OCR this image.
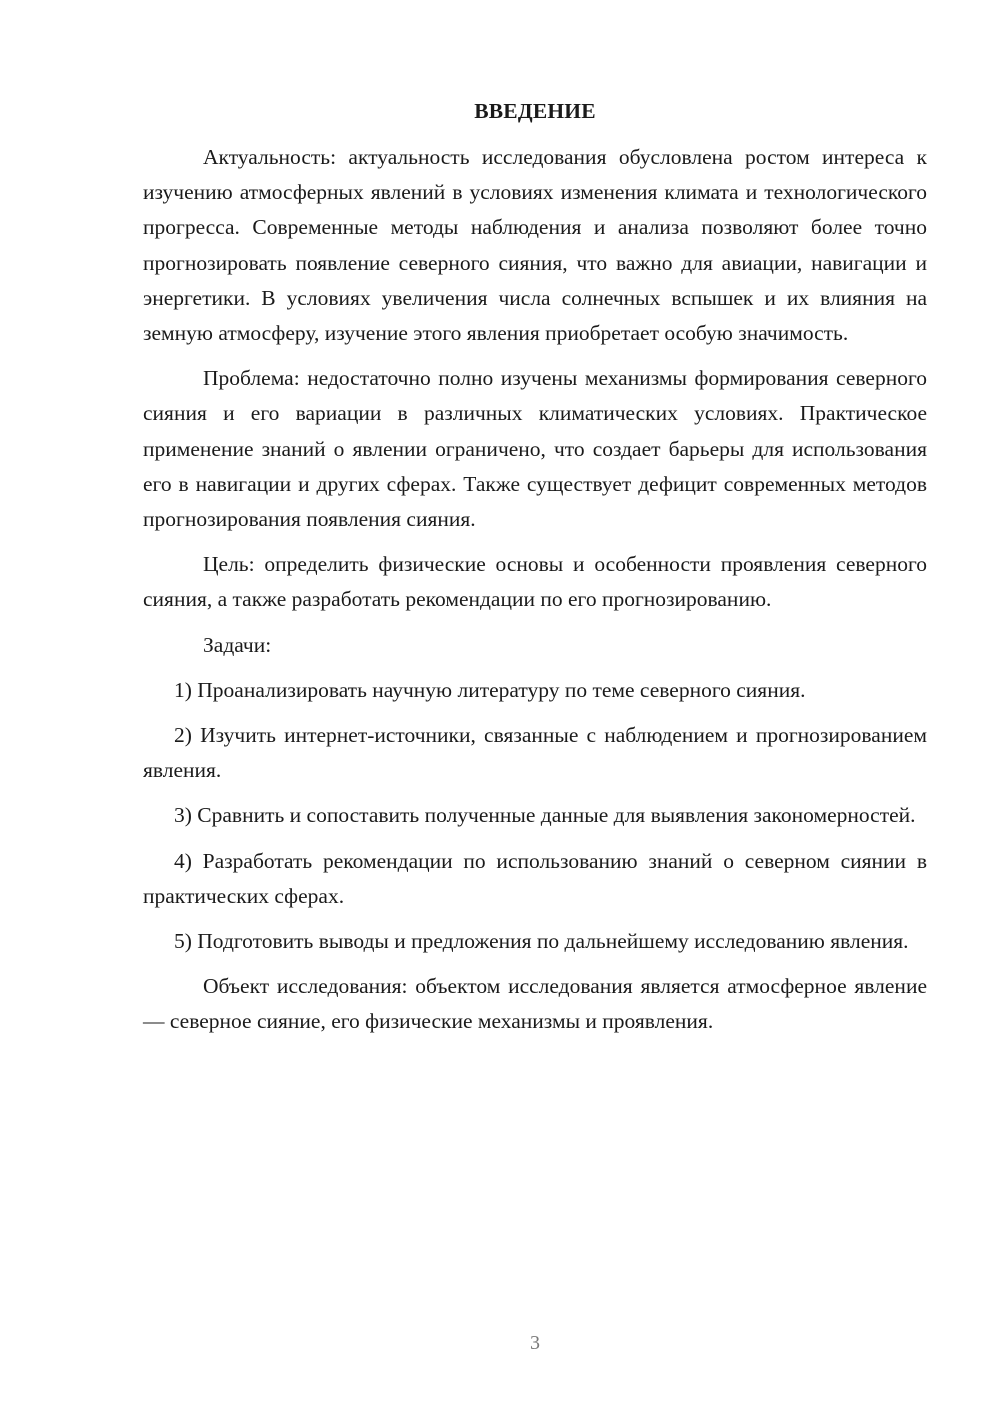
ВВЕДЕНИЕ

Актуальность: актуальность исследования обусловлена ростом интереса к изучению атмосферных явлений в условиях изменения климата и технологического прогресса. Современные методы наблюдения и анализа позволяют более точно прогнозировать появление северного сияния, что важно для авиации, навигации и энергетики. В условиях увеличения числа солнечных вспышек и их влияния на земную атмосферу, изучение этого явления приобретает особую значимость.

Проблема: недостаточно полно изучены механизмы формирования северного сияния и его вариации в различных климатических условиях. Практическое применение знаний о явлении ограничено, что создает барьеры для использования его в навигации и других сферах. Также существует дефицит современных методов прогнозирования появления сияния.

Цель: определить физические основы и особенности проявления северного сияния, а также разработать рекомендации по его прогнозированию.

Задачи:

1) Проанализировать научную литературу по теме северного сияния.

2) Изучить интернет-источники, связанные с наблюдением и прогнозированием явления.

3) Сравнить и сопоставить полученные данные для выявления закономерностей.

4) Разработать рекомендации по использованию знаний о северном сиянии в практических сферах.

5) Подготовить выводы и предложения по дальнейшему исследованию явления.

Объект исследования: объектом исследования является атмосферное явление — северное сияние, его физические механизмы и проявления.

3
